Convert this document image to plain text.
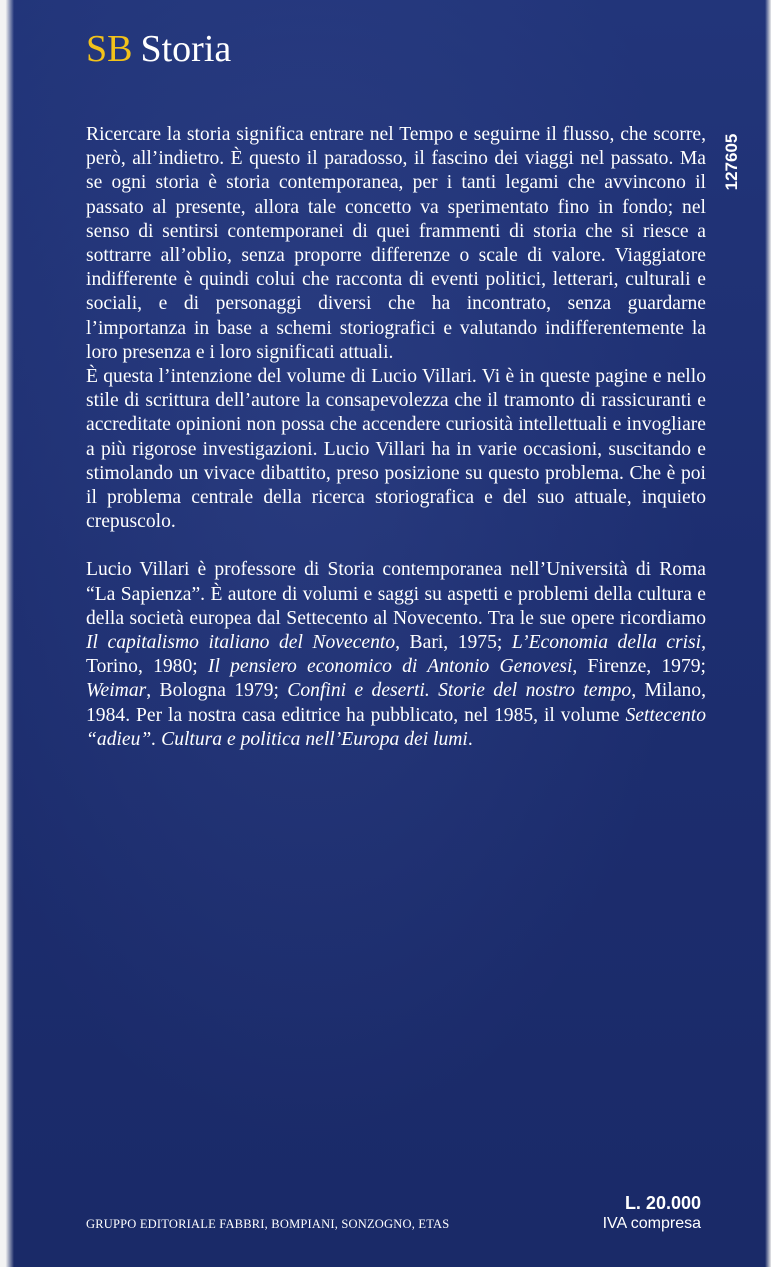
SB Storia
127605

Ricercare la storia significa entrare nel Tempo e seguirne il flusso, che scorre, però, all’indietro. È questo il paradosso, il fascino dei viaggi nel passato. Ma se ogni storia è storia contemporanea, per i tanti legami che avvincono il passato al presente, allora tale concetto va sperimentato fino in fondo; nel senso di sentirsi contemporanei di quei frammenti di storia che si riesce a sottrarre all’oblio, senza proporre differenze o scale di valore. Viaggiatore indifferente è quindi colui che racconta di eventi politici, letterari, culturali e sociali, e di personaggi diversi che ha incontrato, senza guardarne l’importanza in base a schemi storiografici e valutando indifferentemente la loro presenza e i loro significati attuali.

È questa l’intenzione del volume di Lucio Villari. Vi è in queste pagine e nello stile di scrittura dell’autore la consapevolezza che il tramonto di rassicuranti e accreditate opinioni non possa che accendere curiosità intellettuali e invogliare a più rigorose investigazioni. Lucio Villari ha in varie occasioni, suscitando e stimolando un vivace dibattito, preso posizione su questo problema. Che è poi il problema centrale della ricerca storiografica e del suo attuale, inquieto crepuscolo.

Lucio Villari è professore di Storia contemporanea nell’Università di Roma “La Sapienza”. È autore di volumi e saggi su aspetti e problemi della cultura e della società europea dal Settecento al Novecento. Tra le sue opere ricordiamo Il capitalismo italiano del Novecento, Bari, 1975; L’Economia della crisi, Torino, 1980; Il pensiero economico di Antonio Genovesi, Firenze, 1979; Weimar, Bologna 1979; Confini e deserti. Storie del nostro tempo, Milano, 1984. Per la nostra casa editrice ha pubblicato, nel 1985, il volume Settecento “adieu”. Cultura e politica nell’Europa dei lumi.

L. 20.000
IVA compresa
GRUPPO EDITORIALE FABBRI, BOMPIANI, SONZOGNO, ETAS
